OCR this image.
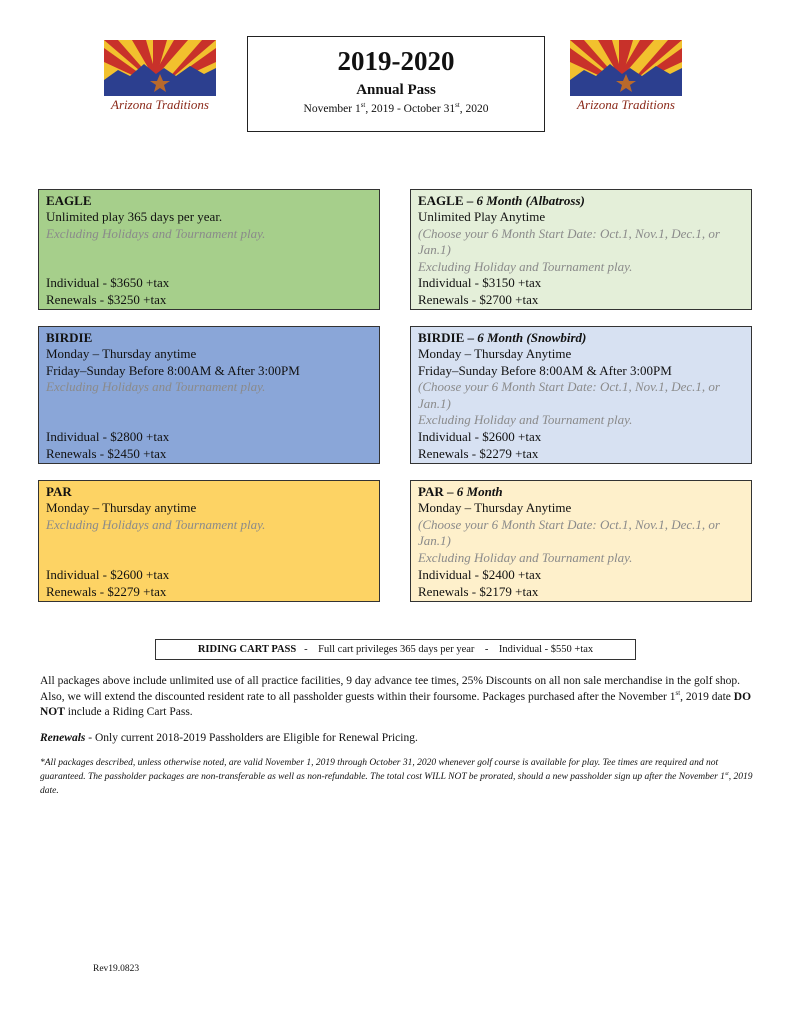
Arizona Traditions	Arizona Traditions
2019-2020
Annual Pass
November 1st, 2019 - October 31st, 2020
EAGLE
Unlimited play 365 days per year.
Excluding Holidays and Tournament play.
Individual - $3650 +tax
Renewals - $3250 +tax
EAGLE – 6 Month (Albatross)
Unlimited Play Anytime
(Choose your 6 Month Start Date: Oct.1, Nov.1, Dec.1, or Jan.1)
Excluding Holiday and Tournament play.
Individual - $3150 +tax
Renewals - $2700 +tax
BIRDIE
Monday – Thursday anytime
Friday–Sunday Before 8:00AM & After 3:00PM
Excluding Holidays and Tournament play.
Individual - $2800 +tax
Renewals - $2450 +tax
BIRDIE – 6 Month (Snowbird)
Monday – Thursday Anytime
Friday–Sunday Before 8:00AM & After 3:00PM
(Choose your 6 Month Start Date: Oct.1, Nov.1, Dec.1, or Jan.1)
Excluding Holiday and Tournament play.
Individual - $2600 +tax
Renewals - $2279 +tax
PAR
Monday – Thursday anytime
Excluding Holidays and Tournament play.
Individual - $2600 +tax
Renewals - $2279 +tax
PAR – 6 Month
Monday – Thursday Anytime
(Choose your 6 Month Start Date: Oct.1, Nov.1, Dec.1, or Jan.1)
Excluding Holiday and Tournament play.
Individual - $2400 +tax
Renewals - $2179 +tax
RIDING CART PASS   -    Full cart privileges 365 days per year    -    Individual - $550 +tax

All packages above include unlimited use of all practice facilities, 9 day advance tee times, 25% Discounts on all non sale merchandise in the golf shop. Also, we will extend the discounted resident rate to all passholder guests within their foursome. Packages purchased after the November 1st, 2019 date DO NOT include a Riding Cart Pass.

Renewals - Only current 2018-2019 Passholders are Eligible for Renewal Pricing.

*All packages described, unless otherwise noted, are valid November 1, 2019 through October 31, 2020 whenever golf course is available for play. Tee times are required and not guaranteed. The passholder packages are non-transferable as well as non-refundable. The total cost WILL NOT be prorated, should a new passholder sign up after the November 1st, 2019 date.

Rev19.0823
